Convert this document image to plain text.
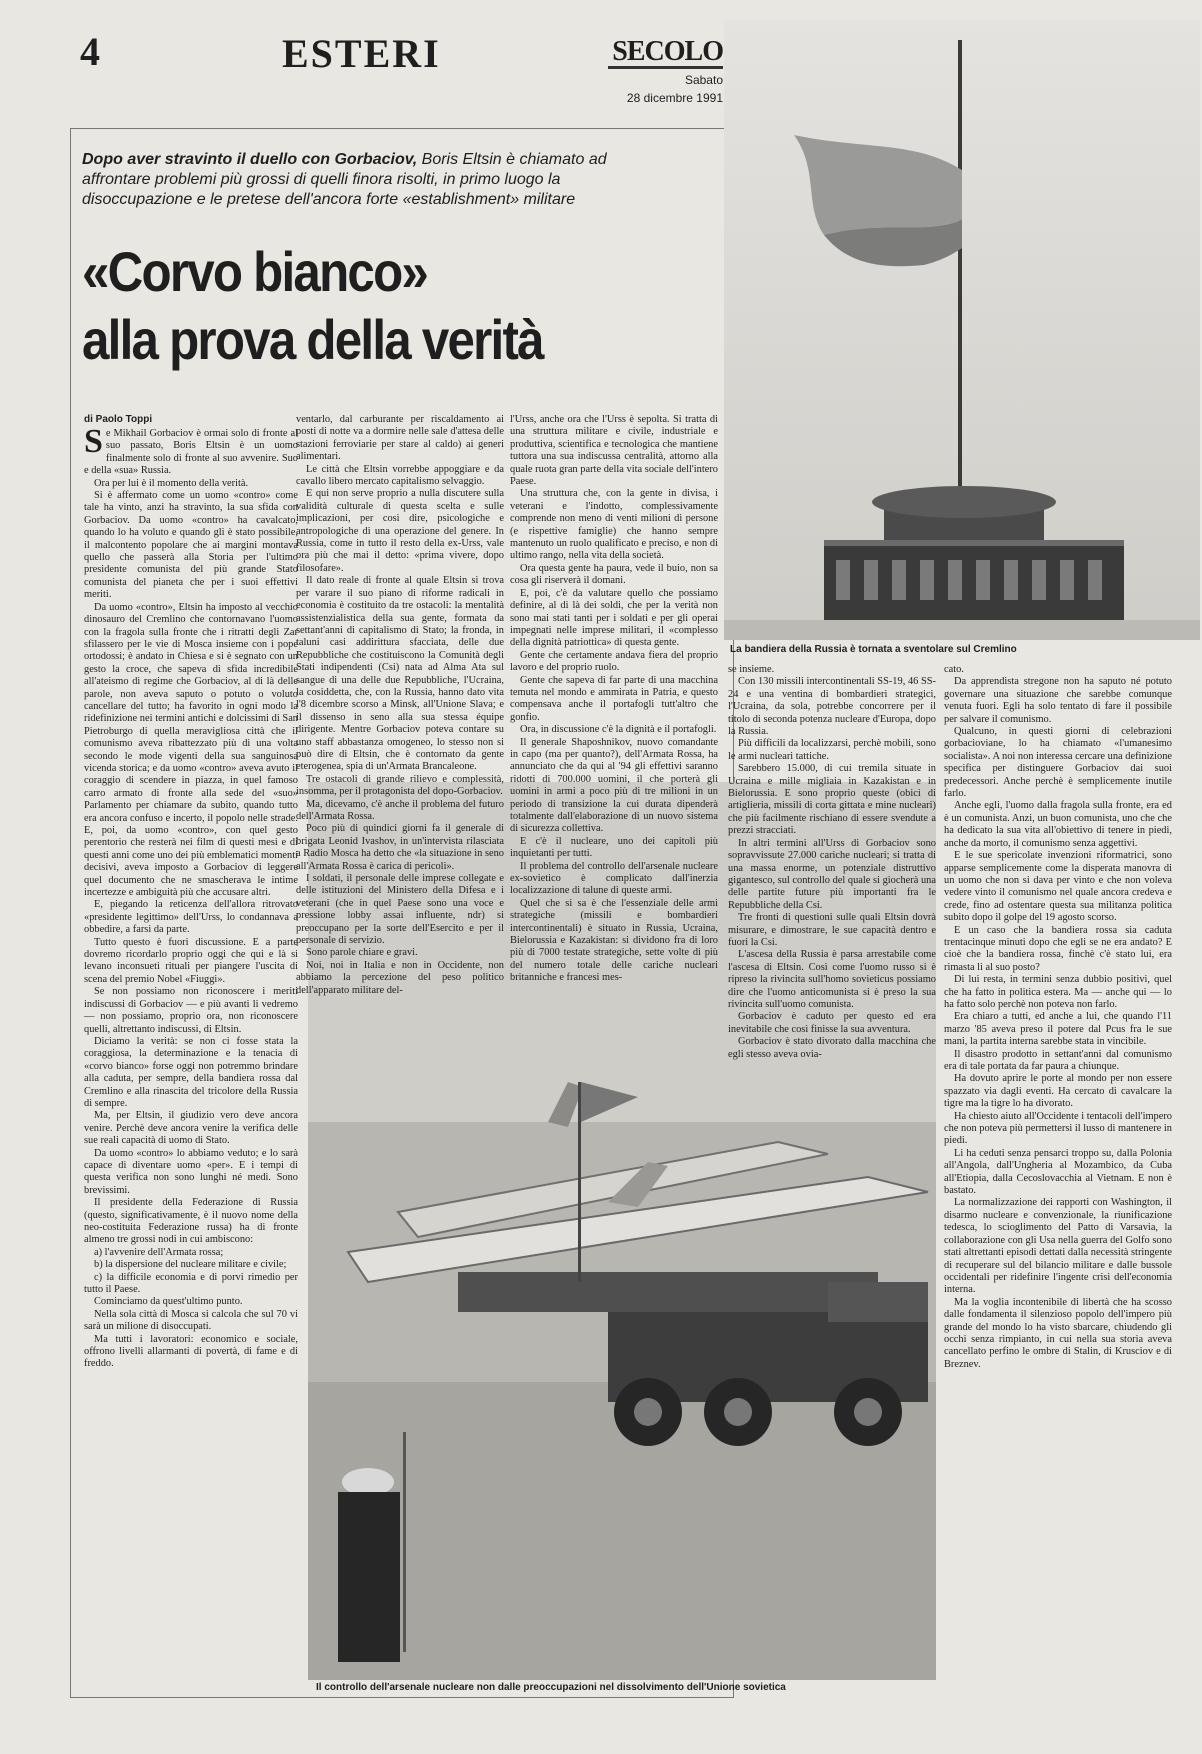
4	ESTERI	SECOLO
Sabato
28 dicembre 1991
Dopo aver stravinto il duello con Gorbaciov, Boris Eltsin è chiamato ad affrontare problemi più grossi di quelli finora risolti, in primo luogo la disoccupazione e le pretese dell'ancora forte «establishment» militare
«Corvo bianco»
alla prova della verità
La bandiera della Russia è tornata a sventolare sul Cremlino
Il controllo dell'arsenale nucleare non dalle preoccupazioni nel dissolvimento dell'Unione sovietica
di Paolo Toppi

Se Mikhail Gorbaciov è ormai solo di fronte al suo passato, Boris Eltsin è un uomo finalmente solo di fronte al suo avvenire. Suo e della «sua» Russia.

Ora per lui è il momento della verità.

Si è affermato come un uomo «contro» come tale ha vinto, anzi ha stravinto, la sua sfida con Gorbaciov. Da uomo «contro» ha cavalcato, quando lo ha voluto e quando gli è stato possibile, il malcontento popolare che ai margini montava quello che passerà alla Storia per l'ultimo presidente comunista del più grande Stato comunista del pianeta che per i suoi effettivi meriti.

Da uomo «contro», Eltsin ha imposto al vecchio dinosauro del Cremlino che contornavano l'uomo con la fragola sulla fronte che i ritratti degli Zar sfilassero per le vie di Mosca insieme con i pope ortodossi; è andato in Chiesa e si è segnato con un gesto la croce, che sapeva di sfida incredibile all'ateismo di regime che Gorbaciov, al di là delle parole, non aveva saputo o potuto o voluto cancellare del tutto; ha favorito in ogni modo la ridefinizione nei termini antichi e dolcissimi di San Pietroburgo di quella meravigliosa città che il comunismo aveva ribattezzato più di una volta secondo le mode vigenti della sua sanguinosa vicenda storica; e da uomo «contro» aveva avuto il coraggio di scendere in piazza, in quel famoso carro armato di fronte alla sede del «suo» Parlamento per chiamare da subito, quando tutto era ancora confuso e incerto, il popolo nelle strade. E, poi, da uomo «contro», con quel gesto perentorio che resterà nei film di questi mesi e di questi anni come uno dei più emblematici momenti decisivi, aveva imposto a Gorbaciov di leggere quel documento che ne smascherava le intime incertezze e ambiguità più che accusare altri.

E, piegando la reticenza dell'allora ritrovato «presidente legittimo» dell'Urss, lo condannava a obbedire, a farsi da parte.

Tutto questo è fuori discussione. E a parte dovremo ricordarlo proprio oggi che qui e là si levano inconsueti rituali per piangere l'uscita di scena del premio Nobel «Fiuggi».

Se non possiamo non riconoscere i meriti indiscussi di Gorbaciov — e più avanti li vedremo — non possiamo, proprio ora, non riconoscere quelli, altrettanto indiscussi, di Eltsin.

Diciamo la verità: se non ci fosse stata la coraggiosa, la determinazione e la tenacia di «corvo bianco» forse oggi non potremmo brindare alla caduta, per sempre, della bandiera rossa dal Cremlino e alla rinascita del tricolore della Russia di sempre.

Ma, per Eltsin, il giudizio vero deve ancora venire. Perchè deve ancora venire la verifica delle sue reali capacità di uomo di Stato.

Da uomo «contro» lo abbiamo veduto; e lo sarà capace di diventare uomo «per». E i tempi di questa verifica non sono lunghi né medi. Sono brevissimi.

Il presidente della Federazione di Russia (questo, significativamente, è il nuovo nome della neo-costituita Federazione russa) ha di fronte almeno tre grossi nodi in cui ambiscono:

a) l'avvenire dell'Armata rossa;

b) la dispersione del nucleare militare e civile;

c) la difficile economia e di porvi rimedio per tutto il Paese.

Cominciamo da quest'ultimo punto.

Nella sola città di Mosca si calcola che sul 70 vi sarà un milione di disoccupati.

Ma tutti i lavoratori: economico e sociale, offrono livelli allarmanti di povertà, di fame e di freddo.

ventarlo, dal carburante per riscaldamento ai posti di notte va a dormire nelle sale d'attesa delle stazioni ferroviarie per stare al caldo) ai generi alimentari.

Le città che Eltsin vorrebbe appoggiare e da cavallo libero mercato capitalismo selvaggio.

E qui non serve proprio a nulla discutere sulla validità culturale di questa scelta e sulle implicazioni, per così dire, psicologiche e antropologiche di una operazione del genere. In Russia, come in tutto il resto della ex-Urss, vale ora più che mai il detto: «prima vivere, dopo filosofare».

Il dato reale di fronte al quale Eltsin si trova per varare il suo piano di riforme radicali in economia è costituito da tre ostacoli: la mentalità assistenzialistica della sua gente, formata da settant'anni di capitalismo di Stato; la fronda, in taluni casi addirittura sfacciata, delle due Repubbliche che costituiscono la Comunità degli Stati indipendenti (Csi) nata ad Alma Ata sul sangue di una delle due Repubbliche, l'Ucraina, la cosiddetta, che, con la Russia, hanno dato vita l'8 dicembre scorso a Minsk, all'Unione Slava; e il dissenso in seno alla sua stessa équipe dirigente. Mentre Gorbaciov poteva contare su uno staff abbastanza omogeneo, lo stesso non si può dire di Eltsin, che è contornato da gente eterogenea, spia di un'Armata Brancaleone.

Tre ostacoli di grande rilievo e complessità, insomma, per il protagonista del dopo-Gorbaciov.

Ma, dicevamo, c'è anche il problema del futuro dell'Armata Rossa.

Poco più di quindici giorni fa il generale di brigata Leonid Ivashov, in un'intervista rilasciata a Radio Mosca ha detto che «la situazione in seno all'Armata Rossa è carica di pericoli».

I soldati, il personale delle imprese collegate e delle istituzioni del Ministero della Difesa e i veterani (che in quel Paese sono una voce e pressione lobby assai influente, ndr) si preoccupano per la sorte dell'Esercito e per il personale di servizio.

Sono parole chiare e gravi.

Noi, noi in Italia e non in Occidente, non abbiamo la percezione del peso politico dell'apparato militare del-

l'Urss, anche ora che l'Urss è sepolta. Si tratta di una struttura militare e civile, industriale e produttiva, scientifica e tecnologica che mantiene tuttora una sua indiscussa centralità, attorno alla quale ruota gran parte della vita sociale dell'intero Paese.

Una struttura che, con la gente in divisa, i veterani e l'indotto, complessivamente comprende non meno di venti milioni di persone (e rispettive famiglie) che hanno sempre mantenuto un ruolo qualificato e preciso, e non di ultimo rango, nella vita della società.

Ora questa gente ha paura, vede il buio, non sa cosa gli riserverà il domani.

E, poi, c'è da valutare quello che possiamo definire, al di là dei soldi, che per la verità non sono mai stati tanti per i soldati e per gli operai impegnati nelle imprese militari, il «complesso della dignità patriottica» di questa gente.

Gente che certamente andava fiera del proprio lavoro e del proprio ruolo.

Gente che sapeva di far parte di una macchina temuta nel mondo e ammirata in Patria, e questo compensava anche il portafogli tutt'altro che gonfio.

Ora, in discussione c'è la dignità e il portafogli.

Il generale Shaposhnikov, nuovo comandante in capo (ma per quanto?), dell'Armata Rossa, ha annunciato che da qui al '94 gli effettivi saranno ridotti di 700.000 uomini, il che porterà gli uomini in armi a poco più di tre milioni in un periodo di transizione la cui durata dipenderà totalmente dall'elaborazione di un nuovo sistema di sicurezza collettiva.

E c'è il nucleare, uno dei capitoli più inquietanti per tutti.

Il problema del controllo dell'arsenale nucleare ex-sovietico è complicato dall'inerzia localizzazione di talune di queste armi.

Quel che si sa è che l'essenziale delle armi strategiche (missili e bombardieri intercontinentali) è situato in Russia, Ucraina, Bielorussia e Kazakistan: si dividono fra di loro più di 7000 testate strategiche, sette volte di più del numero totale delle cariche nucleari britanniche e francesi mes-

se insieme.

Con 130 missili intercontinentali SS-19, 46 SS-24 e una ventina di bombardieri strategici, l'Ucraina, da sola, potrebbe concorrere per il titolo di seconda potenza nucleare d'Europa, dopo la Russia.

Più difficili da localizzarsi, perchè mobili, sono le armi nucleari tattiche.

Sarebbero 15.000, di cui tremila situate in Ucraina e mille migliaia in Kazakistan e in Bielorussia. E sono proprio queste (obici di artiglieria, missili di corta gittata e mine nucleari) che più facilmente rischiano di essere svendute a prezzi stracciati.

In altri termini all'Urss di Gorbaciov sono sopravvissute 27.000 cariche nucleari; si tratta di una massa enorme, un potenziale distruttivo gigantesco, sul controllo del quale si giocherà una delle partite future più importanti fra le Repubbliche della Csi.

Tre fronti di questioni sulle quali Eltsin dovrà misurare, e dimostrare, le sue capacità dentro e fuori la Csi.

L'ascesa della Russia è parsa arrestabile come l'ascesa di Eltsin. Così come l'uomo russo si è ripreso la rivincita sull'homo sovieticus possiamo dire che l'uomo anticomunista si è preso la sua rivincita sull'uomo comunista.

Gorbaciov è caduto per questo ed era inevitabile che così finisse la sua avventura.

Gorbaciov è stato divorato dalla macchina che egli stesso aveva ovia-

cato.

Da apprendista stregone non ha saputo né potuto governare una situazione che sarebbe comunque venuta fuori. Egli ha solo tentato di fare il possibile per salvare il comunismo.

Qualcuno, in questi giorni di celebrazioni gorbacioviane, lo ha chiamato «l'umanesimo socialista». A noi non interessa cercare una definizione specifica per distinguere Gorbaciov dai suoi predecessori. Anche perchè è semplicemente inutile farlo.

Anche egli, l'uomo dalla fragola sulla fronte, era ed è un comunista. Anzi, un buon comunista, uno che che ha dedicato la sua vita all'obiettivo di tenere in piedi, anche da morto, il comunismo senza aggettivi.

E le sue spericolate invenzioni riformatrici, sono apparse semplicemente come la disperata manovra di un uomo che non si dava per vinto e che non voleva vedere vinto il comunismo nel quale ancora credeva e crede, fino ad ostentare questa sua militanza politica subito dopo il golpe del 19 agosto scorso.

E un caso che la bandiera rossa sia caduta trentacinque minuti dopo che egli se ne era andato? E cioè che la bandiera rossa, finchè c'è stato lui, era rimasta lì al suo posto?

Di lui resta, in termini senza dubbio positivi, quel che ha fatto in politica estera. Ma — anche qui — lo ha fatto solo perchè non poteva non farlo.

Era chiaro a tutti, ed anche a lui, che quando l'11 marzo '85 aveva preso il potere dal Pcus fra le sue mani, la partita interna sarebbe stata in vincibile.

Il disastro prodotto in settant'anni dal comunismo era di tale portata da far paura a chiunque.

Ha dovuto aprire le porte al mondo per non essere spazzato via dagli eventi. Ha cercato di cavalcare la tigre ma la tigre lo ha divorato.

Ha chiesto aiuto all'Occidente i tentacoli dell'impero che non poteva più permettersi il lusso di mantenere in piedi.

Li ha ceduti senza pensarci troppo su, dalla Polonia all'Angola, dall'Ungheria al Mozambico, da Cuba all'Etiopia, dalla Cecoslovacchia al Vietnam. E non è bastato.

La normalizzazione dei rapporti con Washington, il disarmo nucleare e convenzionale, la riunificazione tedesca, lo scioglimento del Patto di Varsavia, la collaborazione con gli Usa nella guerra del Golfo sono stati altrettanti episodi dettati dalla necessità stringente di recuperare sul del bilancio militare e dalle bussole occidentali per ridefinire l'ingente crisi dell'economia interna.

Ma la voglia incontenibile di libertà che ha scosso dalle fondamenta il silenzioso popolo dell'impero più grande del mondo lo ha visto sbarcare, chiudendo gli occhi senza rimpianto, in cui nella sua storia aveva cancellato perfino le ombre di Stalin, di Krusciov e di Breznev.
